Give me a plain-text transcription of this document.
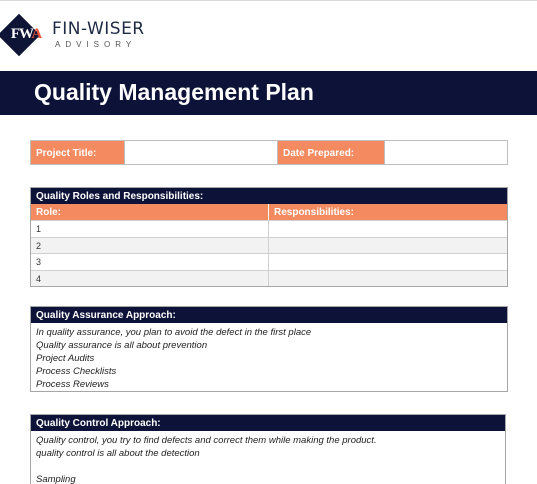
FWA FIN-WISER
ADVISORY
Quality Management Plan
Project Title:	Date Prepared:
Quality Roles and Responsibilities:
Role:	Responsibilities:
1
2
3
4
Quality Assurance Approach:

In quality assurance, you plan to avoid the defect in the first place

Quality assurance is all about prevention

Project Audits

Process Checklists

Process Reviews

Quality Control Approach:

Quality control, you try to find defects and correct them while making the product.

quality control is all about the detection

Sampling
